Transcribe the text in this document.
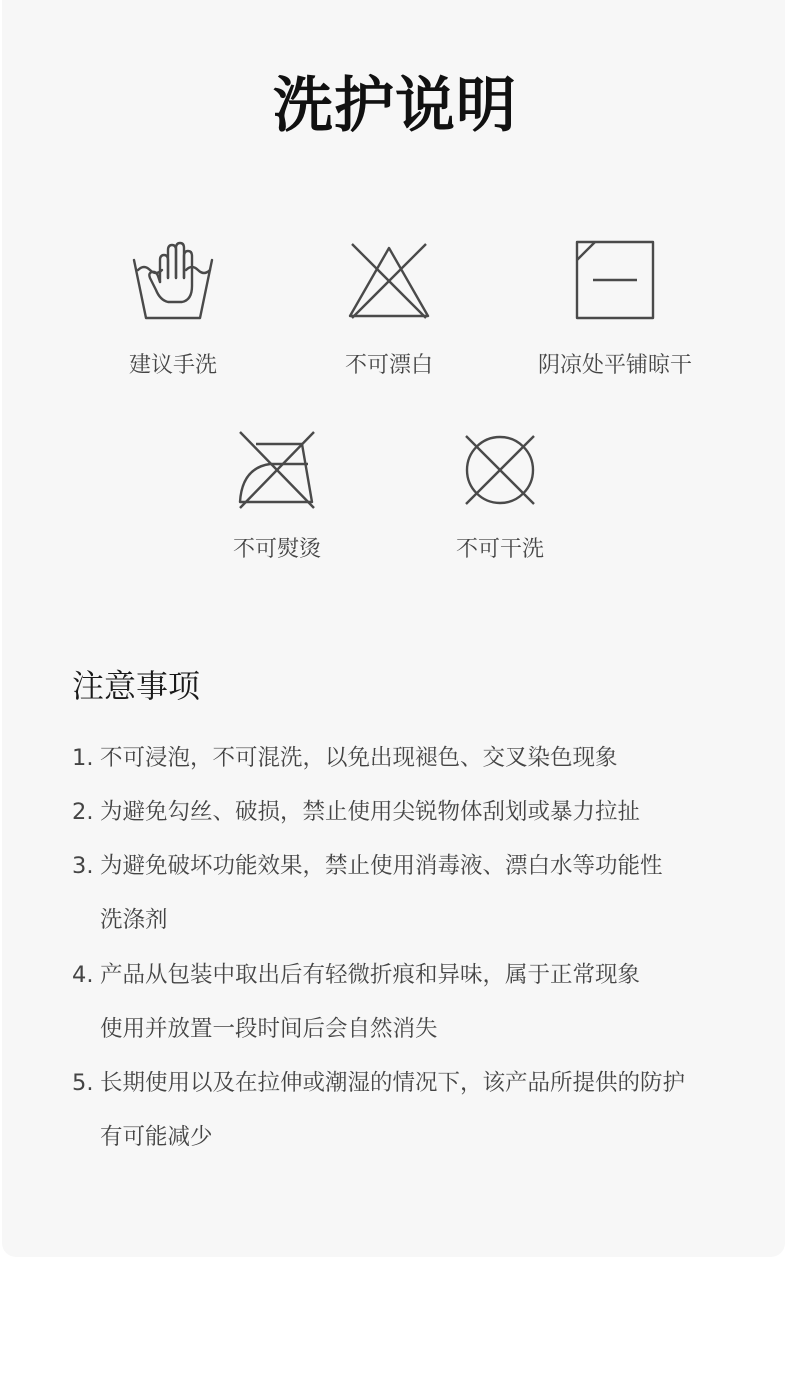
洗护说明
建议手洗	不可漂白	阴凉处平铺晾干
不可熨烫	不可干洗
注意事项
1. 不可浸泡，不可混洗，以免出现褪色、交叉染色现象
2. 为避免勾丝、破损，禁止使用尖锐物体刮划或暴力拉扯
3. 为避免破坏功能效果，禁止使用消毒液、漂白水等功能性
洗涤剂
4. 产品从包装中取出后有轻微折痕和异味，属于正常现象
使用并放置一段时间后会自然消失
5. 长期使用以及在拉伸或潮湿的情况下，该产品所提供的防护
有可能减少
